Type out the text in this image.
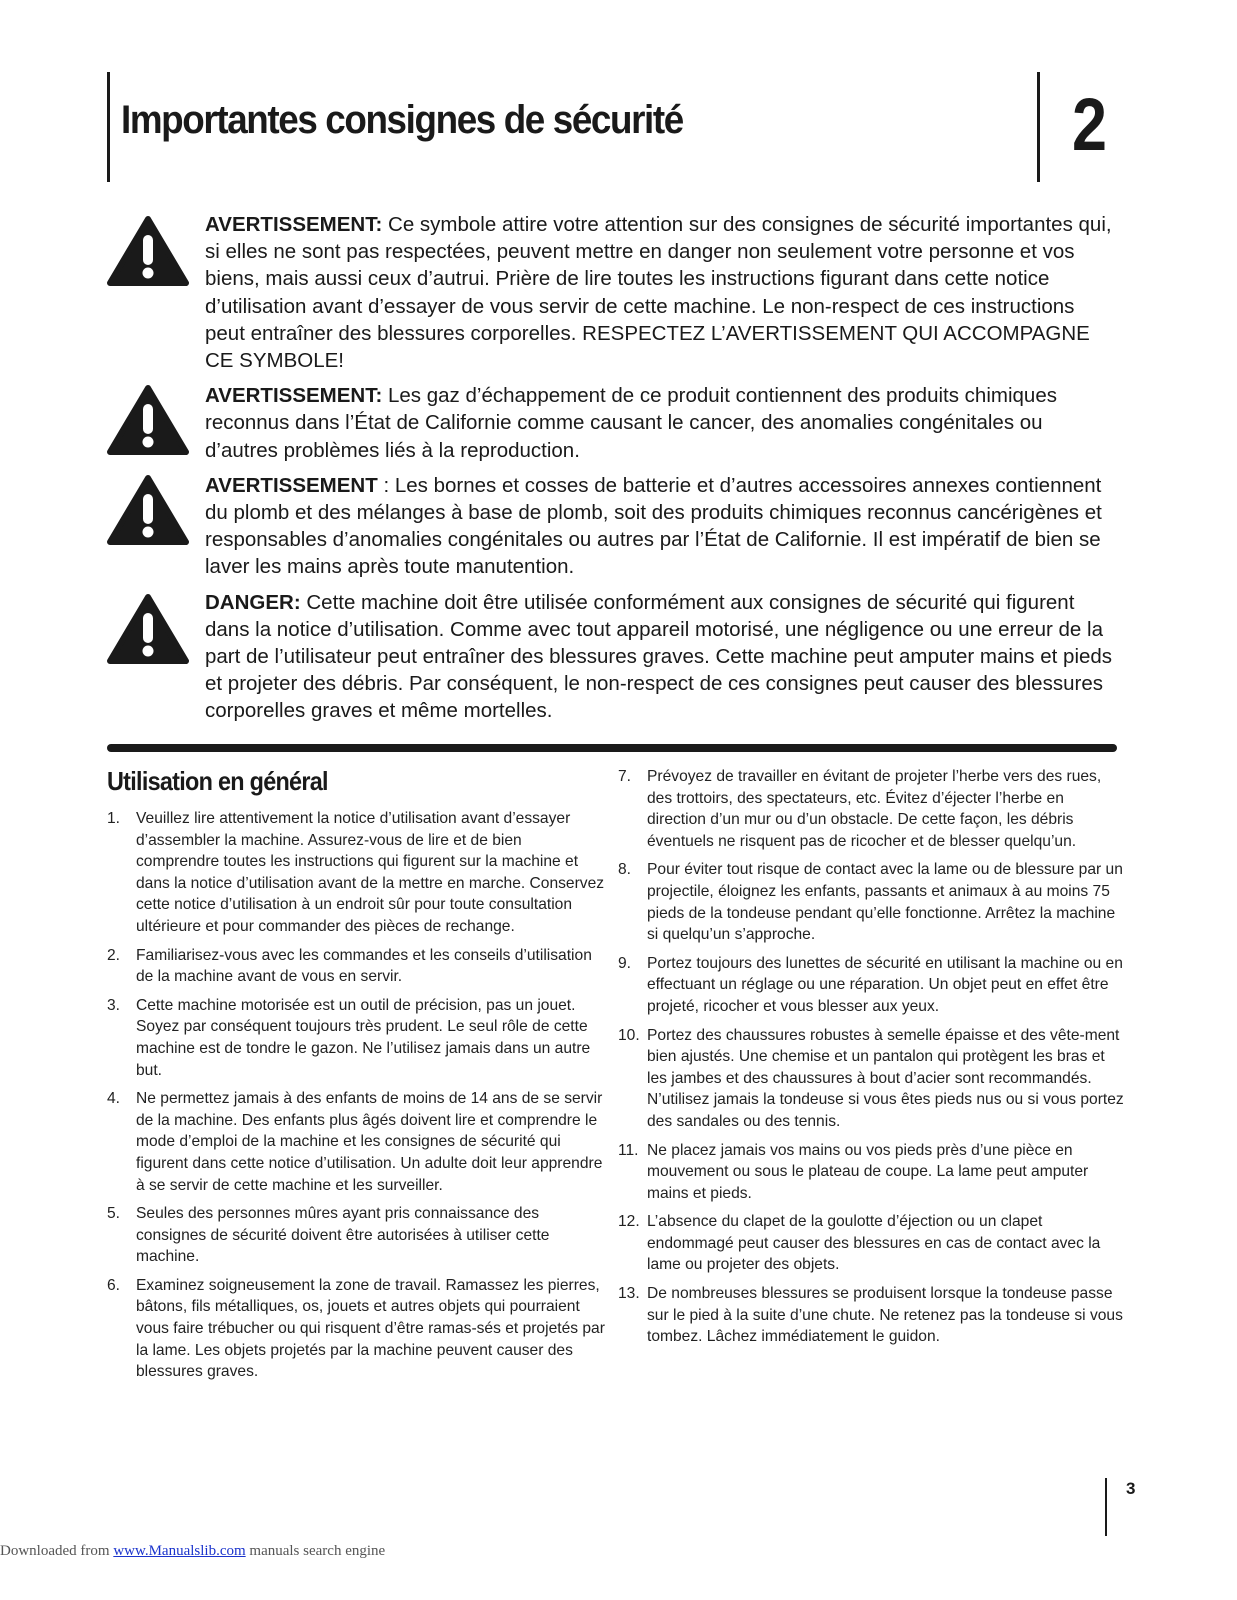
Importantes consignes de sécurité	2

AVERTISSEMENT: Ce symbole attire votre attention sur des consignes de sécurité importantes qui, si elles ne sont pas respectées, peuvent mettre en danger non seulement votre personne et vos biens, mais aussi ceux d’autrui. Prière de lire toutes les instructions figurant dans cette notice d’utilisation avant d’essayer de vous servir de cette machine. Le non-respect de ces instructions peut entraîner des blessures corporelles. RESPECTEZ L’AVERTISSEMENT QUI ACCOMPAGNE CE SYMBOLE!

AVERTISSEMENT: Les gaz d’échappement de ce produit contiennent des produits chimiques reconnus dans l’État de Californie comme causant le cancer, des anomalies congénitales ou d’autres problèmes liés à la reproduction.

AVERTISSEMENT : Les bornes et cosses de batterie et d’autres accessoires annexes contiennent du plomb et des mélanges à base de plomb, soit des produits chimiques reconnus cancérigènes et responsables d’anomalies congénitales ou autres par l’État de Californie. Il est impératif de bien se laver les mains après toute manutention.

DANGER: Cette machine doit être utilisée conformément aux consignes de sécurité qui figurent dans la notice d’utilisation. Comme avec tout appareil motorisé, une négligence ou une erreur de la part de l’utilisateur peut entraîner des blessures graves. Cette machine peut amputer mains et pieds et projeter des débris. Par conséquent, le non-respect de ces consignes peut causer des blessures corporelles graves et même mortelles.

Utilisation en général
1. Veuillez lire attentivement la notice d’utilisation avant d’essayer d’assembler la machine. Assurez-vous de lire et de bien comprendre toutes les instructions qui figurent sur la machine et dans la notice d’utilisation avant de la mettre en marche. Conservez cette notice d’utilisation à un endroit sûr pour toute consultation ultérieure et pour commander des pièces de rechange.
2. Familiarisez-vous avec les commandes et les conseils d’utilisation de la machine avant de vous en servir.
3. Cette machine motorisée est un outil de précision, pas un jouet. Soyez par conséquent toujours très prudent. Le seul rôle de cette machine est de tondre le gazon. Ne l’utilisez jamais dans un autre but.
4. Ne permettez jamais à des enfants de moins de 14 ans de se servir de la machine. Des enfants plus âgés doivent lire et comprendre le mode d’emploi de la machine et les consignes de sécurité qui figurent dans cette notice d’utilisation. Un adulte doit leur apprendre à se servir de cette machine et les surveiller.
5. Seules des personnes mûres ayant pris connaissance des consignes de sécurité doivent être autorisées à utiliser cette machine.
6. Examinez soigneusement la zone de travail. Ramassez les pierres, bâtons, fils métalliques, os, jouets et autres objets qui pourraient vous faire trébucher ou qui risquent d’être ramas-sés et projetés par la lame. Les objets projetés par la machine peuvent causer des blessures graves.
7. Prévoyez de travailler en évitant de projeter l’herbe vers des rues, des trottoirs, des spectateurs, etc. Évitez d’éjecter l’herbe en direction d’un mur ou d’un obstacle. De cette façon, les débris éventuels ne risquent pas de ricocher et de blesser quelqu’un.
8. Pour éviter tout risque de contact avec la lame ou de blessure par un projectile, éloignez les enfants, passants et animaux à au moins 75 pieds de la tondeuse pendant qu’elle fonctionne. Arrêtez la machine si quelqu’un s’approche.
9. Portez toujours des lunettes de sécurité en utilisant la machine ou en effectuant un réglage ou une réparation. Un objet peut en effet être projeté, ricocher et vous blesser aux yeux.
10. Portez des chaussures robustes à semelle épaisse et des vête-ment bien ajustés. Une chemise et un pantalon qui protègent les bras et les jambes et des chaussures à bout d’acier sont recommandés. N’utilisez jamais la tondeuse si vous êtes pieds nus ou si vous portez des sandales ou des tennis.
11. Ne placez jamais vos mains ou vos pieds près d’une pièce en mouvement ou sous le plateau de coupe. La lame peut amputer mains et pieds.
12. L’absence du clapet de la goulotte d’éjection ou un clapet endommagé peut causer des blessures en cas de contact avec la lame ou projeter des objets.
13. De nombreuses blessures se produisent lorsque la tondeuse passe sur le pied à la suite d’une chute. Ne retenez pas la tondeuse si vous tombez. Lâchez immédiatement le guidon.
3
Downloaded from www.Manualslib.com manuals search engine
